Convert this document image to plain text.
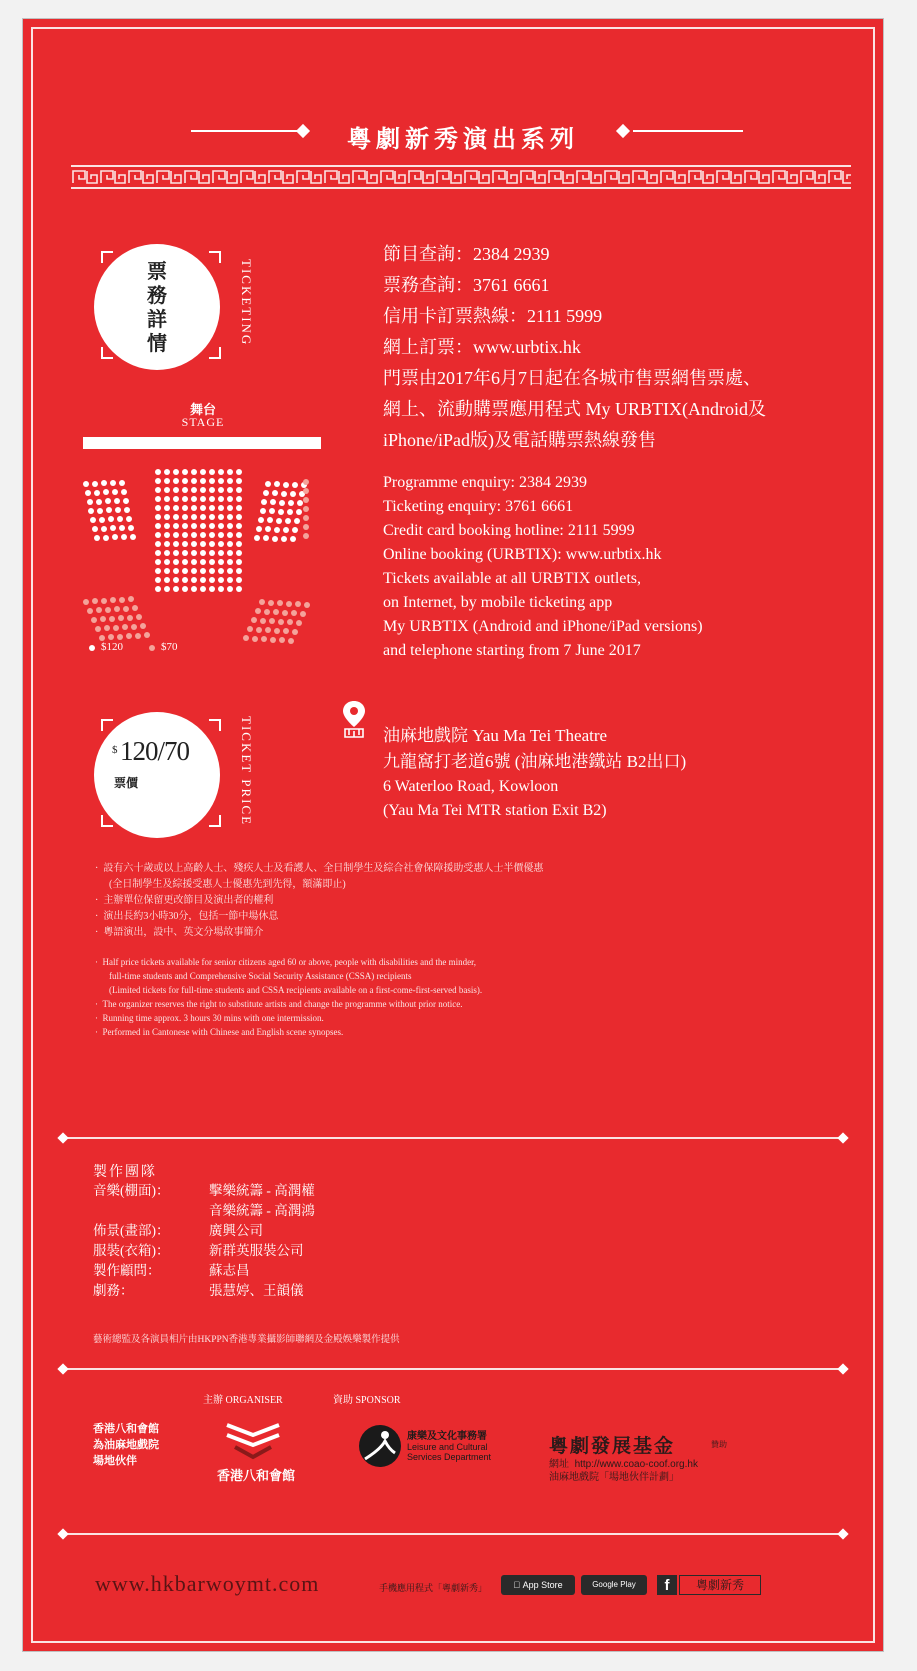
粵劇新秀演出系列
票務詳情	TICKETING
節目查詢：2384 2939
票務查詢：3761 6661
信用卡訂票熱線：2111 5999
網上訂票：www.urbtix.hk
門票由2017年6月7日起在各城市售票網售票處、
網上、流動購票應用程式 My URBTIX(Android及
iPhone/iPad版)及電話購票熱線發售
Programme enquiry: 2384 2939
Ticketing enquiry: 3761 6661
Credit card booking hotline: 2111 5999
Online booking (URBTIX): www.urbtix.hk
Tickets available at all URBTIX outlets,
on Internet, by mobile ticketing app
My URBTIX (Android and iPhone/iPad versions)
and telephone starting from 7 June 2017
舞台
STAGE
$120	$70
$ 120/70
票價	TICKET PRICE	油麻地戲院 Yau Ma Tei Theatre
九龍窩打老道6號 (油麻地港鐵站 B2出口)
6 Waterloo Road, Kowloon
(Yau Ma Tei MTR station Exit B2)
·  設有六十歲或以上高齡人士、殘疾人士及看護人、全日制學生及綜合社會保障援助受惠人士半價優惠
(全日制學生及綜援受惠人士優惠先到先得，額滿即止)
·  主辦單位保留更改節目及演出者的權利
·  演出長約3小時30分，包括一節中場休息
·  粵語演出，設中、英文分場故事簡介
·  Half price tickets available for senior citizens aged 60 or above, people with disabilities and the minder,
full-time students and Comprehensive Social Security Assistance (CSSA) recipients
(Limited tickets for full-time students and CSSA recipients available on a first-come-first-served basis).
·  The organizer reserves the right to substitute artists and change the programme without prior notice.
·  Running time approx. 3 hours 30 mins with one intermission.
·  Performed in Cantonese with Chinese and English scene synopses.
製作團隊
音樂(棚面)：	擊樂統籌 - 高潤權
音樂統籌 - 高潤鴻
佈景(畫部)：	廣興公司
服裝(衣箱)：	新群英服裝公司
製作顧問：	蘇志昌
劇務：	張慧婷、王韻儀
藝術總監及各演員相片由HKPPN香港專業攝影師聯網及金殿娛樂製作提供
主辦 ORGANISER	資助 SPONSOR
香港八和會館
為油麻地戲院
場地伙伴
香港八和會館
康樂及文化事務署
Leisure and Cultural
Services Department	粵劇發展基金	贊助
網址 http://www.coao-coof.org.hk
油麻地戲院「場地伙伴計劃」
www.hkbarwoymt.com	手機應用程式「粵劇新秀」	App Store	Google Play	f	粵劇新秀
